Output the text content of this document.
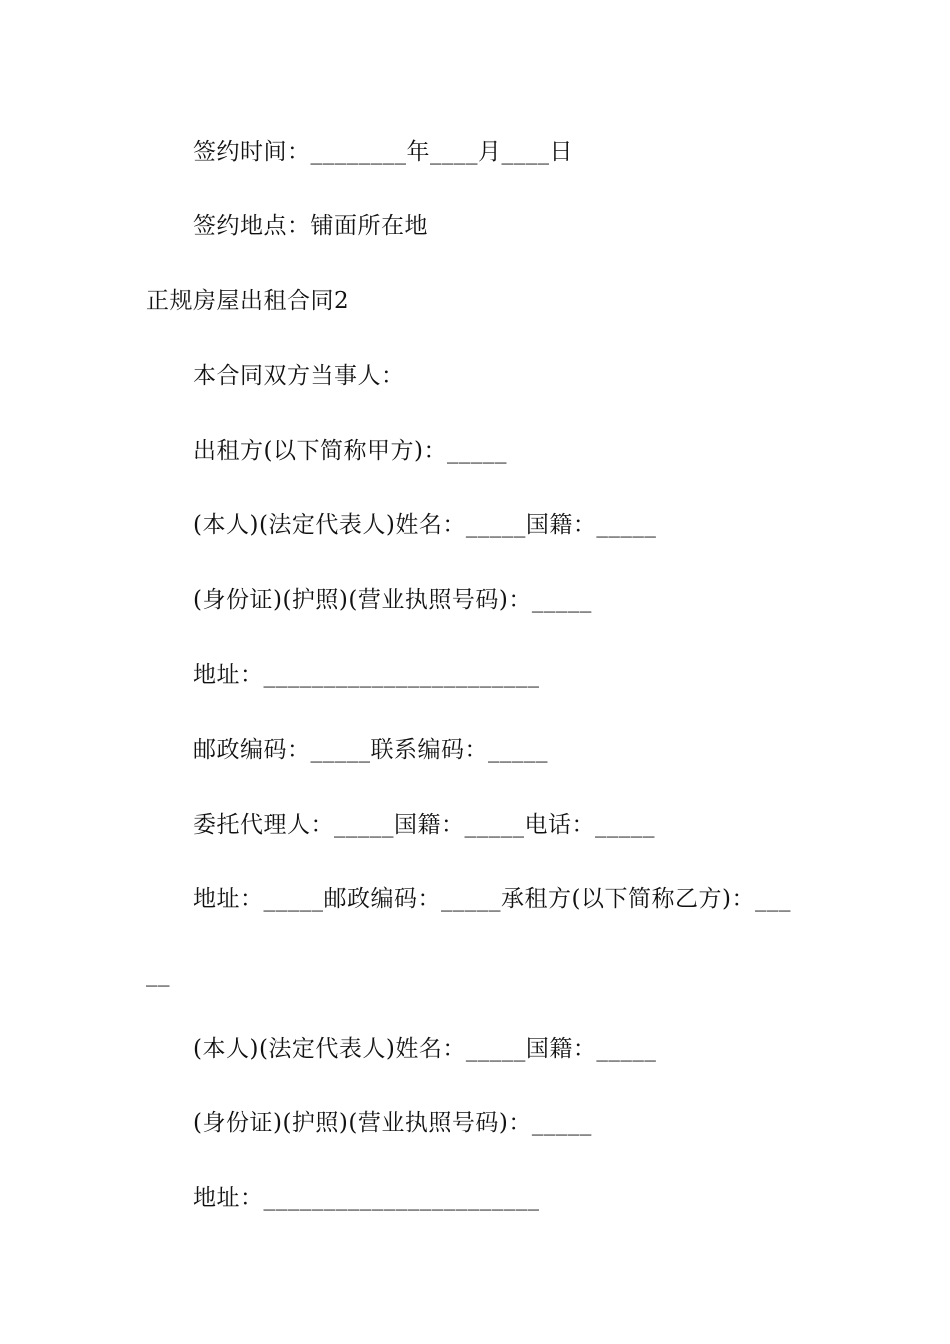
签约时间：________年____月____日
签约地点：铺面所在地
正规房屋出租合同2
本合同双方当事人：
出租方(以下简称甲方)：_____
(本人)(法定代表人)姓名：_____国籍：_____
(身份证)(护照)(营业执照号码)：_____
地址：_______________________
邮政编码：_____联系编码：_____
委托代理人：_____国籍：_____电话：_____
地址：_____邮政编码：_____承租方(以下简称乙方)：___
__
(本人)(法定代表人)姓名：_____国籍：_____
(身份证)(护照)(营业执照号码)：_____
地址：_______________________
